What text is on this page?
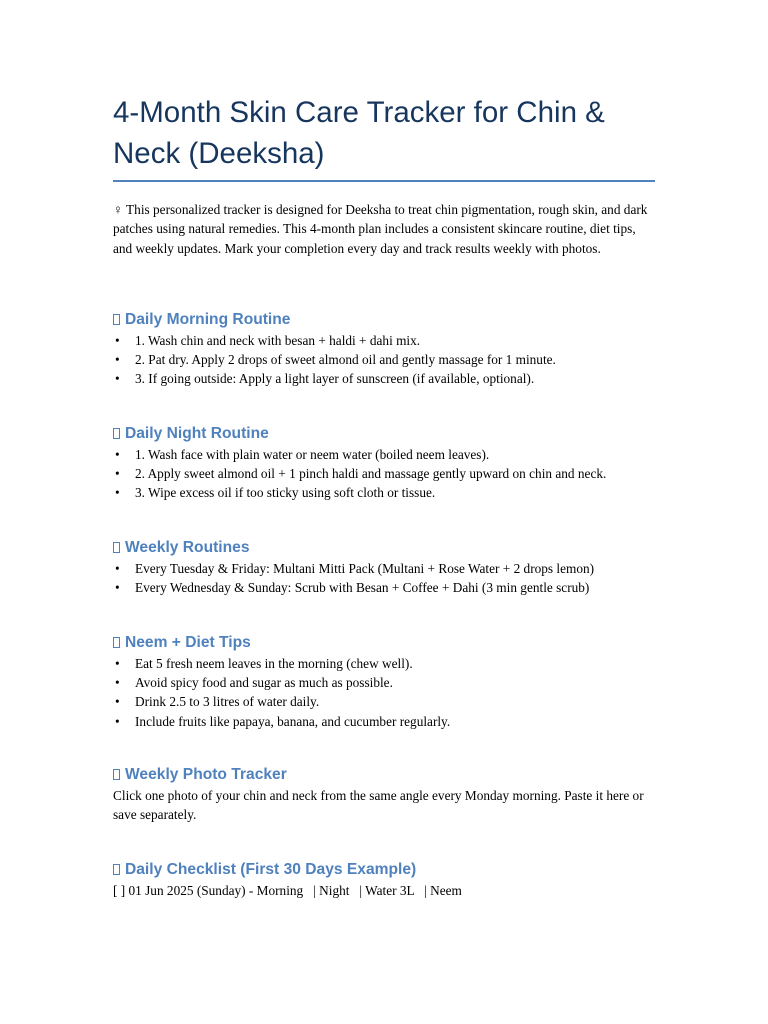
4-Month Skin Care Tracker for Chin & Neck (Deeksha)

♀ This personalized tracker is designed for Deeksha to treat chin pigmentation, rough skin, and dark patches using natural remedies. This 4-month plan includes a consistent skincare routine, diet tips, and weekly updates. Mark your completion every day and track results weekly with photos.

Daily Morning Routine
• 1. Wash chin and neck with besan + haldi + dahi mix.
• 2. Pat dry. Apply 2 drops of sweet almond oil and gently massage for 1 minute.
• 3. If going outside: Apply a light layer of sunscreen (if available, optional).
Daily Night Routine
• 1. Wash face with plain water or neem water (boiled neem leaves).
• 2. Apply sweet almond oil + 1 pinch haldi and massage gently upward on chin and neck.
• 3. Wipe excess oil if too sticky using soft cloth or tissue.
Weekly Routines
• Every Tuesday & Friday: Multani Mitti Pack (Multani + Rose Water + 2 drops lemon)
• Every Wednesday & Sunday: Scrub with Besan + Coffee + Dahi (3 min gentle scrub)
Neem + Diet Tips
• Eat 5 fresh neem leaves in the morning (chew well).
• Avoid spicy food and sugar as much as possible.
• Drink 2.5 to 3 litres of water daily.
• Include fruits like papaya, banana, and cucumber regularly.
Weekly Photo Tracker

Click one photo of your chin and neck from the same angle every Monday morning. Paste it here or save separately.

Daily Checklist (First 30 Days Example)

[ ] 01 Jun 2025 (Sunday) - Morning   | Night   | Water 3L   | Neem
